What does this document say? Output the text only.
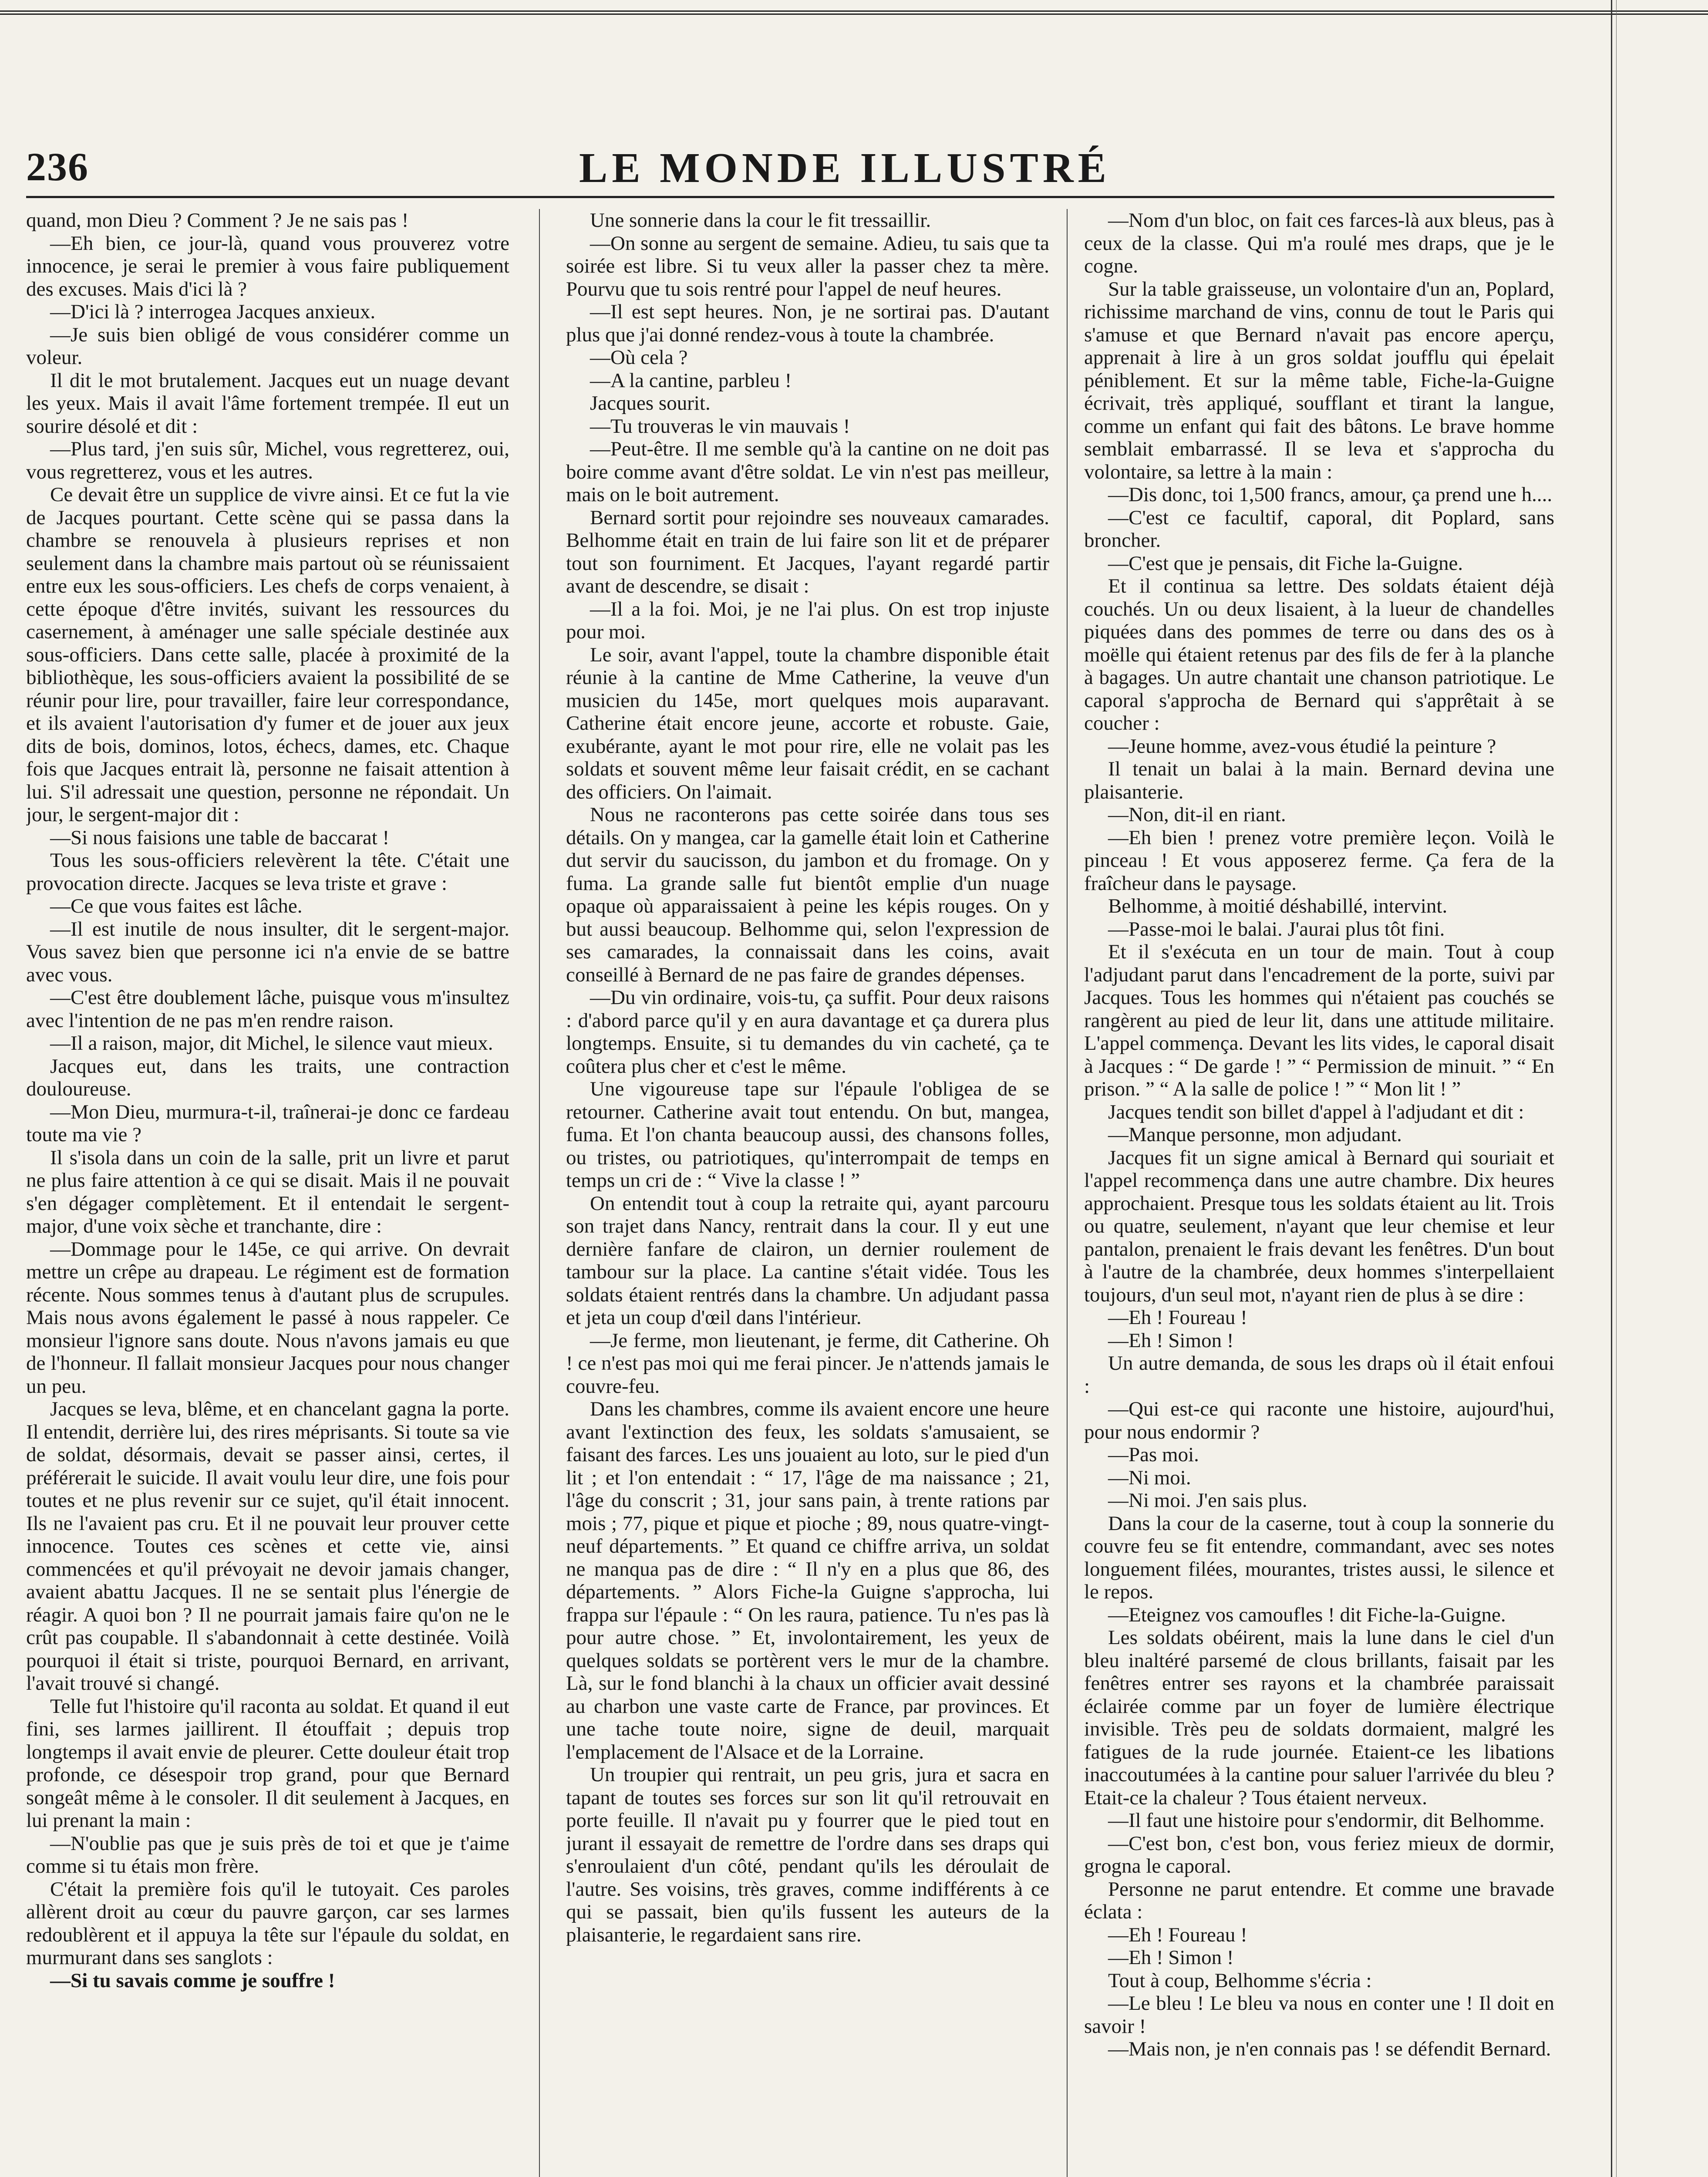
236	LE MONDE ILLUSTRÉ

quand, mon Dieu ? Comment ? Je ne sais pas !

—Eh bien, ce jour-là, quand vous prouverez votre innocence, je serai le premier à vous faire publiquement des excuses. Mais d'ici là ?

—D'ici là ? interrogea Jacques anxieux.

—Je suis bien obligé de vous considérer comme un voleur.

Il dit le mot brutalement. Jacques eut un nuage devant les yeux. Mais il avait l'âme fortement trempée. Il eut un sourire désolé et dit :

—Plus tard, j'en suis sûr, Michel, vous regretterez, oui, vous regretterez, vous et les autres.

Ce devait être un supplice de vivre ainsi. Et ce fut la vie de Jacques pourtant. Cette scène qui se passa dans la chambre se renouvela à plusieurs reprises et non seulement dans la chambre mais partout où se réunissaient entre eux les sous-officiers. Les chefs de corps venaient, à cette époque d'être invités, suivant les ressources du casernement, à aménager une salle spéciale destinée aux sous-officiers. Dans cette salle, placée à proximité de la bibliothèque, les sous-officiers avaient la possibilité de se réunir pour lire, pour travailler, faire leur correspondance, et ils avaient l'autorisation d'y fumer et de jouer aux jeux dits de bois, dominos, lotos, échecs, dames, etc. Chaque fois que Jacques entrait là, personne ne faisait attention à lui. S'il adressait une question, personne ne répondait. Un jour, le sergent-major dit :

—Si nous faisions une table de baccarat !

Tous les sous-officiers relevèrent la tête. C'était une provocation directe. Jacques se leva triste et grave :

—Ce que vous faites est lâche.

—Il est inutile de nous insulter, dit le sergent-major. Vous savez bien que personne ici n'a envie de se battre avec vous.

—C'est être doublement lâche, puisque vous m'insultez avec l'intention de ne pas m'en rendre raison.

—Il a raison, major, dit Michel, le silence vaut mieux.

Jacques eut, dans les traits, une contraction douloureuse.

—Mon Dieu, murmura-t-il, traînerai-je donc ce fardeau toute ma vie ?

Il s'isola dans un coin de la salle, prit un livre et parut ne plus faire attention à ce qui se disait. Mais il ne pouvait s'en dégager complètement. Et il entendait le sergent-major, d'une voix sèche et tranchante, dire :

—Dommage pour le 145e, ce qui arrive. On devrait mettre un crêpe au drapeau. Le régiment est de formation récente. Nous sommes tenus à d'autant plus de scrupules. Mais nous avons également le passé à nous rappeler. Ce monsieur l'ignore sans doute. Nous n'avons jamais eu que de l'honneur. Il fallait monsieur Jacques pour nous changer un peu.

Jacques se leva, blême, et en chancelant gagna la porte. Il entendit, derrière lui, des rires méprisants. Si toute sa vie de soldat, désormais, devait se passer ainsi, certes, il préférerait le suicide. Il avait voulu leur dire, une fois pour toutes et ne plus revenir sur ce sujet, qu'il était innocent. Ils ne l'avaient pas cru. Et il ne pouvait leur prouver cette innocence. Toutes ces scènes et cette vie, ainsi commencées et qu'il prévoyait ne devoir jamais changer, avaient abattu Jacques. Il ne se sentait plus l'énergie de réagir. A quoi bon ? Il ne pourrait jamais faire qu'on ne le crût pas coupable. Il s'abandonnait à cette destinée. Voilà pourquoi il était si triste, pourquoi Bernard, en arrivant, l'avait trouvé si changé.

Telle fut l'histoire qu'il raconta au soldat. Et quand il eut fini, ses larmes jaillirent. Il étouffait ; depuis trop longtemps il avait envie de pleurer. Cette douleur était trop profonde, ce désespoir trop grand, pour que Bernard songeât même à le consoler. Il dit seulement à Jacques, en lui prenant la main :

—N'oublie pas que je suis près de toi et que je t'aime comme si tu étais mon frère.

C'était la première fois qu'il le tutoyait. Ces paroles allèrent droit au cœur du pauvre garçon, car ses larmes redoublèrent et il appuya la tête sur l'épaule du soldat, en murmurant dans ses sanglots :

—Si tu savais comme je souffre !

Une sonnerie dans la cour le fit tressaillir.

—On sonne au sergent de semaine. Adieu, tu sais que ta soirée est libre. Si tu veux aller la passer chez ta mère. Pourvu que tu sois rentré pour l'appel de neuf heures.

—Il est sept heures. Non, je ne sortirai pas. D'autant plus que j'ai donné rendez-vous à toute la chambrée.

—Où cela ?

—A la cantine, parbleu !

Jacques sourit.

—Tu trouveras le vin mauvais !

—Peut-être. Il me semble qu'à la cantine on ne doit pas boire comme avant d'être soldat. Le vin n'est pas meilleur, mais on le boit autrement.

Bernard sortit pour rejoindre ses nouveaux camarades. Belhomme était en train de lui faire son lit et de préparer tout son fourniment. Et Jacques, l'ayant regardé partir avant de descendre, se disait :

—Il a la foi. Moi, je ne l'ai plus. On est trop injuste pour moi.

Le soir, avant l'appel, toute la chambre disponible était réunie à la cantine de Mme Catherine, la veuve d'un musicien du 145e, mort quelques mois auparavant. Catherine était encore jeune, accorte et robuste. Gaie, exubérante, ayant le mot pour rire, elle ne volait pas les soldats et souvent même leur faisait crédit, en se cachant des officiers. On l'aimait.

Nous ne raconterons pas cette soirée dans tous ses détails. On y mangea, car la gamelle était loin et Catherine dut servir du saucisson, du jambon et du fromage. On y fuma. La grande salle fut bientôt emplie d'un nuage opaque où apparaissaient à peine les képis rouges. On y but aussi beaucoup. Belhomme qui, selon l'expression de ses camarades, la connaissait dans les coins, avait conseillé à Bernard de ne pas faire de grandes dépenses.

—Du vin ordinaire, vois-tu, ça suffit. Pour deux raisons : d'abord parce qu'il y en aura davantage et ça durera plus longtemps. Ensuite, si tu demandes du vin cacheté, ça te coûtera plus cher et c'est le même.

Une vigoureuse tape sur l'épaule l'obligea de se retourner. Catherine avait tout entendu. On but, mangea, fuma. Et l'on chanta beaucoup aussi, des chansons folles, ou tristes, ou patriotiques, qu'interrompait de temps en temps un cri de : “ Vive la classe ! ”

On entendit tout à coup la retraite qui, ayant parcouru son trajet dans Nancy, rentrait dans la cour. Il y eut une dernière fanfare de clairon, un dernier roulement de tambour sur la place. La cantine s'était vidée. Tous les soldats étaient rentrés dans la chambre. Un adjudant passa et jeta un coup d'œil dans l'intérieur.

—Je ferme, mon lieutenant, je ferme, dit Catherine. Oh ! ce n'est pas moi qui me ferai pincer. Je n'attends jamais le couvre-feu.

Dans les chambres, comme ils avaient encore une heure avant l'extinction des feux, les soldats s'amusaient, se faisant des farces. Les uns jouaient au loto, sur le pied d'un lit ; et l'on entendait : “ 17, l'âge de ma naissance ; 21, l'âge du conscrit ; 31, jour sans pain, à trente rations par mois ; 77, pique et pique et pioche ; 89, nous quatre-vingt-neuf départements. ” Et quand ce chiffre arriva, un soldat ne manqua pas de dire : “ Il n'y en a plus que 86, des départements. ” Alors Fiche-la Guigne s'approcha, lui frappa sur l'épaule : “ On les raura, patience. Tu n'es pas là pour autre chose. ” Et, involontairement, les yeux de quelques soldats se portèrent vers le mur de la chambre. Là, sur le fond blanchi à la chaux un officier avait dessiné au charbon une vaste carte de France, par provinces. Et une tache toute noire, signe de deuil, marquait l'emplacement de l'Alsace et de la Lorraine.

Un troupier qui rentrait, un peu gris, jura et sacra en tapant de toutes ses forces sur son lit qu'il retrouvait en porte feuille. Il n'avait pu y fourrer que le pied tout en jurant il essayait de remettre de l'ordre dans ses draps qui s'enroulaient d'un côté, pendant qu'ils les déroulait de l'autre. Ses voisins, très graves, comme indifférents à ce qui se passait, bien qu'ils fussent les auteurs de la plaisanterie, le regardaient sans rire.

—Nom d'un bloc, on fait ces farces-là aux bleus, pas à ceux de la classe. Qui m'a roulé mes draps, que je le cogne.

Sur la table graisseuse, un volontaire d'un an, Poplard, richissime marchand de vins, connu de tout le Paris qui s'amuse et que Bernard n'avait pas encore aperçu, apprenait à lire à un gros soldat joufflu qui épelait péniblement. Et sur la même table, Fiche-la-Guigne écrivait, très appliqué, soufflant et tirant la langue, comme un enfant qui fait des bâtons. Le brave homme semblait embarrassé. Il se leva et s'approcha du volontaire, sa lettre à la main :

—Dis donc, toi 1,500 francs, amour, ça prend une h....

—C'est ce facultif, caporal, dit Poplard, sans broncher.

—C'est que je pensais, dit Fiche la-Guigne.

Et il continua sa lettre. Des soldats étaient déjà couchés. Un ou deux lisaient, à la lueur de chandelles piquées dans des pommes de terre ou dans des os à moëlle qui étaient retenus par des fils de fer à la planche à bagages. Un autre chantait une chanson patriotique. Le caporal s'approcha de Bernard qui s'apprêtait à se coucher :

—Jeune homme, avez-vous étudié la peinture ?

Il tenait un balai à la main. Bernard devina une plaisanterie.

—Non, dit-il en riant.

—Eh bien ! prenez votre première leçon. Voilà le pinceau ! Et vous apposerez ferme. Ça fera de la fraîcheur dans le paysage.

Belhomme, à moitié déshabillé, intervint.

—Passe-moi le balai. J'aurai plus tôt fini.

Et il s'exécuta en un tour de main. Tout à coup l'adjudant parut dans l'encadrement de la porte, suivi par Jacques. Tous les hommes qui n'étaient pas couchés se rangèrent au pied de leur lit, dans une attitude militaire. L'appel commença. Devant les lits vides, le caporal disait à Jacques : “ De garde ! ” “ Permission de minuit. ” “ En prison. ” “ A la salle de police ! ” “ Mon lit ! ”

Jacques tendit son billet d'appel à l'adjudant et dit :

—Manque personne, mon adjudant.

Jacques fit un signe amical à Bernard qui souriait et l'appel recommença dans une autre chambre. Dix heures approchaient. Presque tous les soldats étaient au lit. Trois ou quatre, seulement, n'ayant que leur chemise et leur pantalon, prenaient le frais devant les fenêtres. D'un bout à l'autre de la chambrée, deux hommes s'interpellaient toujours, d'un seul mot, n'ayant rien de plus à se dire :

—Eh ! Foureau !

—Eh ! Simon !

Un autre demanda, de sous les draps où il était enfoui :

—Qui est-ce qui raconte une histoire, aujourd'hui, pour nous endormir ?

—Pas moi.

—Ni moi.

—Ni moi. J'en sais plus.

Dans la cour de la caserne, tout à coup la sonnerie du couvre feu se fit entendre, commandant, avec ses notes longuement filées, mourantes, tristes aussi, le silence et le repos.

—Eteignez vos camoufles ! dit Fiche-la-Guigne.

Les soldats obéirent, mais la lune dans le ciel d'un bleu inaltéré parsemé de clous brillants, faisait par les fenêtres entrer ses rayons et la chambrée paraissait éclairée comme par un foyer de lumière électrique invisible. Très peu de soldats dormaient, malgré les fatigues de la rude journée. Etaient-ce les libations inaccoutumées à la cantine pour saluer l'arrivée du bleu ? Etait-ce la chaleur ? Tous étaient nerveux.

—Il faut une histoire pour s'endormir, dit Belhomme.

—C'est bon, c'est bon, vous feriez mieux de dormir, grogna le caporal.

Personne ne parut entendre. Et comme une bravade éclata :

—Eh ! Foureau !

—Eh ! Simon !

Tout à coup, Belhomme s'écria :

—Le bleu ! Le bleu va nous en conter une ! Il doit en savoir !

—Mais non, je n'en connais pas ! se défendit Bernard.
